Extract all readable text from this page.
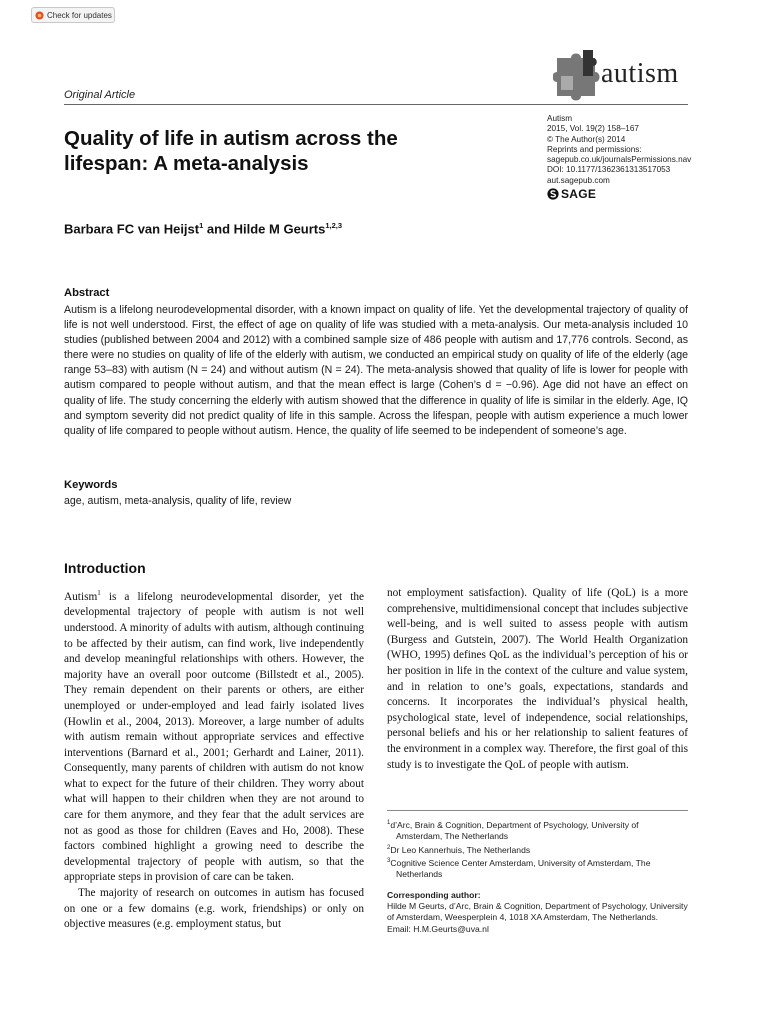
Check for updates
autism
Original Article
Quality of life in autism across the lifespan: A meta-analysis
Autism
2015, Vol. 19(2) 158–167
© The Author(s) 2014
Reprints and permissions:
sagepub.co.uk/journalsPermissions.nav
DOI: 10.1177/1362361313517053
aut.sagepub.com
SAGE
Barbara FC van Heijst$^1$ and Hilde M Geurts$^{1,2,3}$
Abstract

Autism is a lifelong neurodevelopmental disorder, with a known impact on quality of life. Yet the developmental trajectory of quality of life is not well understood. First, the effect of age on quality of life was studied with a meta-analysis. Our meta-analysis included 10 studies (published between 2004 and 2012) with a combined sample size of 486 people with autism and 17,776 controls. Second, as there were no studies on quality of life of the elderly with autism, we conducted an empirical study on quality of life of the elderly (age range 53–83) with autism (N = 24) and without autism (N = 24). The meta-analysis showed that quality of life is lower for people with autism compared to people without autism, and that the mean effect is large (Cohen’s d = −0.96). Age did not have an effect on quality of life. The study concerning the elderly with autism showed that the difference in quality of life is similar in the elderly. Age, IQ and symptom severity did not predict quality of life in this sample. Across the lifespan, people with autism experience a much lower quality of life compared to people without autism. Hence, the quality of life seemed to be independent of someone’s age.

Keywords
age, autism, meta-analysis, quality of life, review
Introduction

Autism$^1$ is a lifelong neurodevelopmental disorder, yet the developmental trajectory of people with autism is not well understood. A minority of adults with autism, although continuing to be affected by their autism, can find work, live independently and develop meaningful relationships with others. However, the majority have an overall poor outcome (Billstedt et al., 2005). They remain dependent on their parents or others, are either unemployed or under-employed and lead fairly isolated lives (Howlin et al., 2004, 2013). Moreover, a large number of adults with autism remain without appropriate services and effective interventions (Barnard et al., 2001; Gerhardt and Lainer, 2011). Consequently, many parents of children with autism do not know what to expect for the future of their children. They worry about what will happen to their children when they are not around to care for them anymore, and they fear that the adult services are not as good as those for children (Eaves and Ho, 2008). These factors combined highlight a growing need to describe the developmental trajectory of people with autism, so that the appropriate steps in provision of care can be taken.

The majority of research on outcomes in autism has focused on one or a few domains (e.g. work, friendships) or only on objective measures (e.g. employment status, but

not employment satisfaction). Quality of life (QoL) is a more comprehensive, multidimensional concept that includes subjective well-being, and is well suited to assess people with autism (Burgess and Gutstein, 2007). The World Health Organization (WHO, 1995) defines QoL as the individual’s perception of his or her position in life in the context of the culture and value system, and in relation to one’s goals, expectations, standards and concerns. It incorporates the individual’s physical health, psychological state, level of independence, social relationships, personal beliefs and his or her relationship to salient features of the environment in a complex way. Therefore, the first goal of this study is to investigate the QoL of people with autism.

$^1$d’Arc, Brain & Cognition, Department of Psychology, University of
Amsterdam, The Netherlands
$^2$Dr Leo Kannerhuis, The Netherlands
$^3$Cognitive Science Center Amsterdam, University of Amsterdam, The
Netherlands
Corresponding author:
Hilde M Geurts, d’Arc, Brain & Cognition, Department of Psychology, University of Amsterdam, Weesperplein 4, 1018 XA Amsterdam, The Netherlands.
Email: H.M.Geurts@uva.nl
